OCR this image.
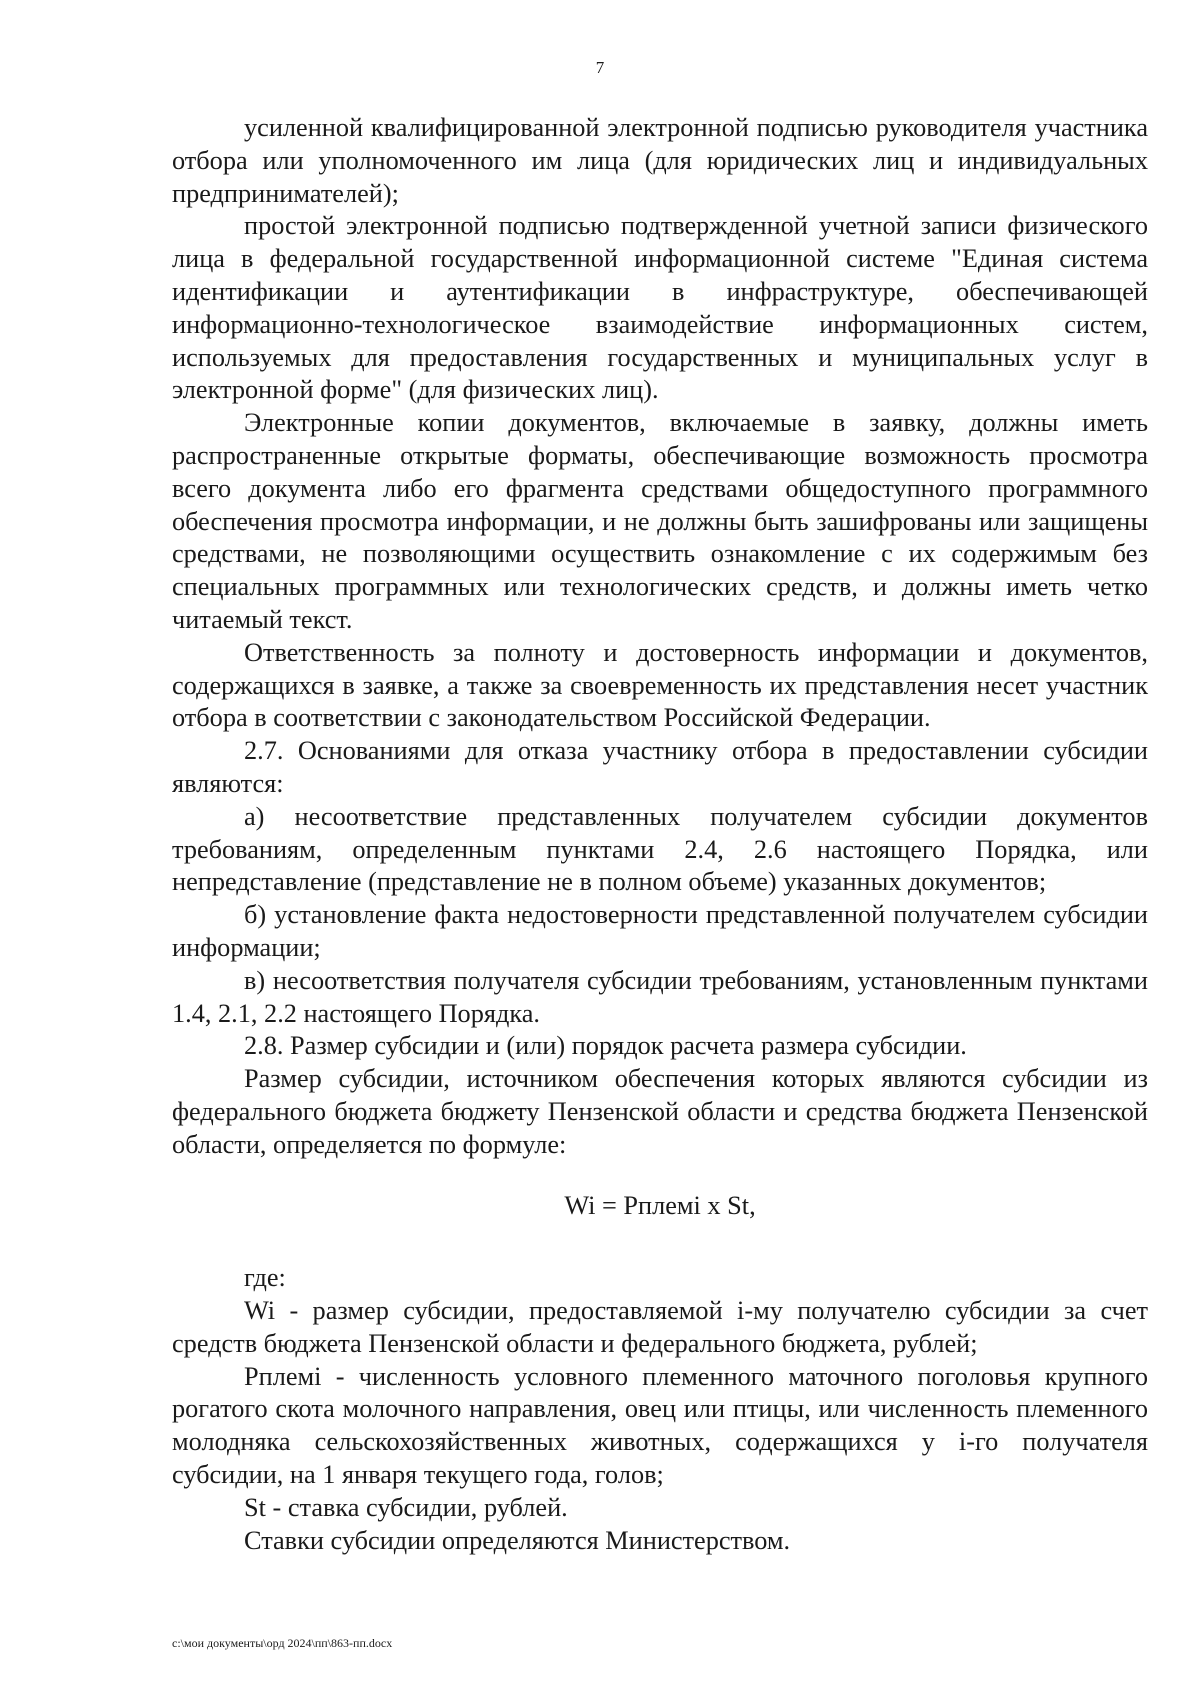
7

усиленной квалифицированной электронной подписью руководителя участника отбора или уполномоченного им лица (для юридических лиц и индивидуальных предпринимателей);

простой электронной подписью подтвержденной учетной записи физического лица в федеральной государственной информационной системе "Единая система идентификации и аутентификации в инфраструктуре, обеспечивающей информационно-технологическое взаимодействие информационных систем, используемых для предоставления государственных и муниципальных услуг в электронной форме" (для физических лиц).

Электронные копии документов, включаемые в заявку, должны иметь распространенные открытые форматы, обеспечивающие возможность просмотра всего документа либо его фрагмента средствами общедоступного программного обеспечения просмотра информации, и не должны быть зашифрованы или защищены средствами, не позволяющими осуществить ознакомление с их содержимым без специальных программных или технологических средств, и должны иметь четко читаемый текст.

Ответственность за полноту и достоверность информации и документов, содержащихся в заявке, а также за своевременность их представления несет участник отбора в соответствии с законодательством Российской Федерации.

2.7. Основаниями для отказа участнику отбора в предоставлении субсидии являются:

а) несоответствие представленных получателем субсидии документов требованиям, определенным пунктами 2.4, 2.6 настоящего Порядка, или непредставление (представление не в полном объеме) указанных документов;

б) установление факта недостоверности представленной получателем субсидии информации;

в) несоответствия получателя субсидии требованиям, установленным пунктами 1.4, 2.1, 2.2 настоящего Порядка.

2.8. Размер субсидии и (или) порядок расчета размера субсидии.

Размер субсидии, источником обеспечения которых являются субсидии из федерального бюджета бюджету Пензенской области и средства бюджета Пензенской области, определяется по формуле:

Wi = Pплемi x St,

где:

Wi - размер субсидии, предоставляемой i-му получателю субсидии за счет средств бюджета Пензенской области и федерального бюджета, рублей;

Pплемi - численность условного племенного маточного поголовья крупного рогатого скота молочного направления, овец или птицы, или численность племенного молодняка сельскохозяйственных животных, содержащихся у i-го получателя субсидии, на 1 января текущего года, голов;

St - ставка субсидии, рублей.

Ставки субсидии определяются Министерством.

c:\мои документы\орд 2024\пп\863-пп.docx
